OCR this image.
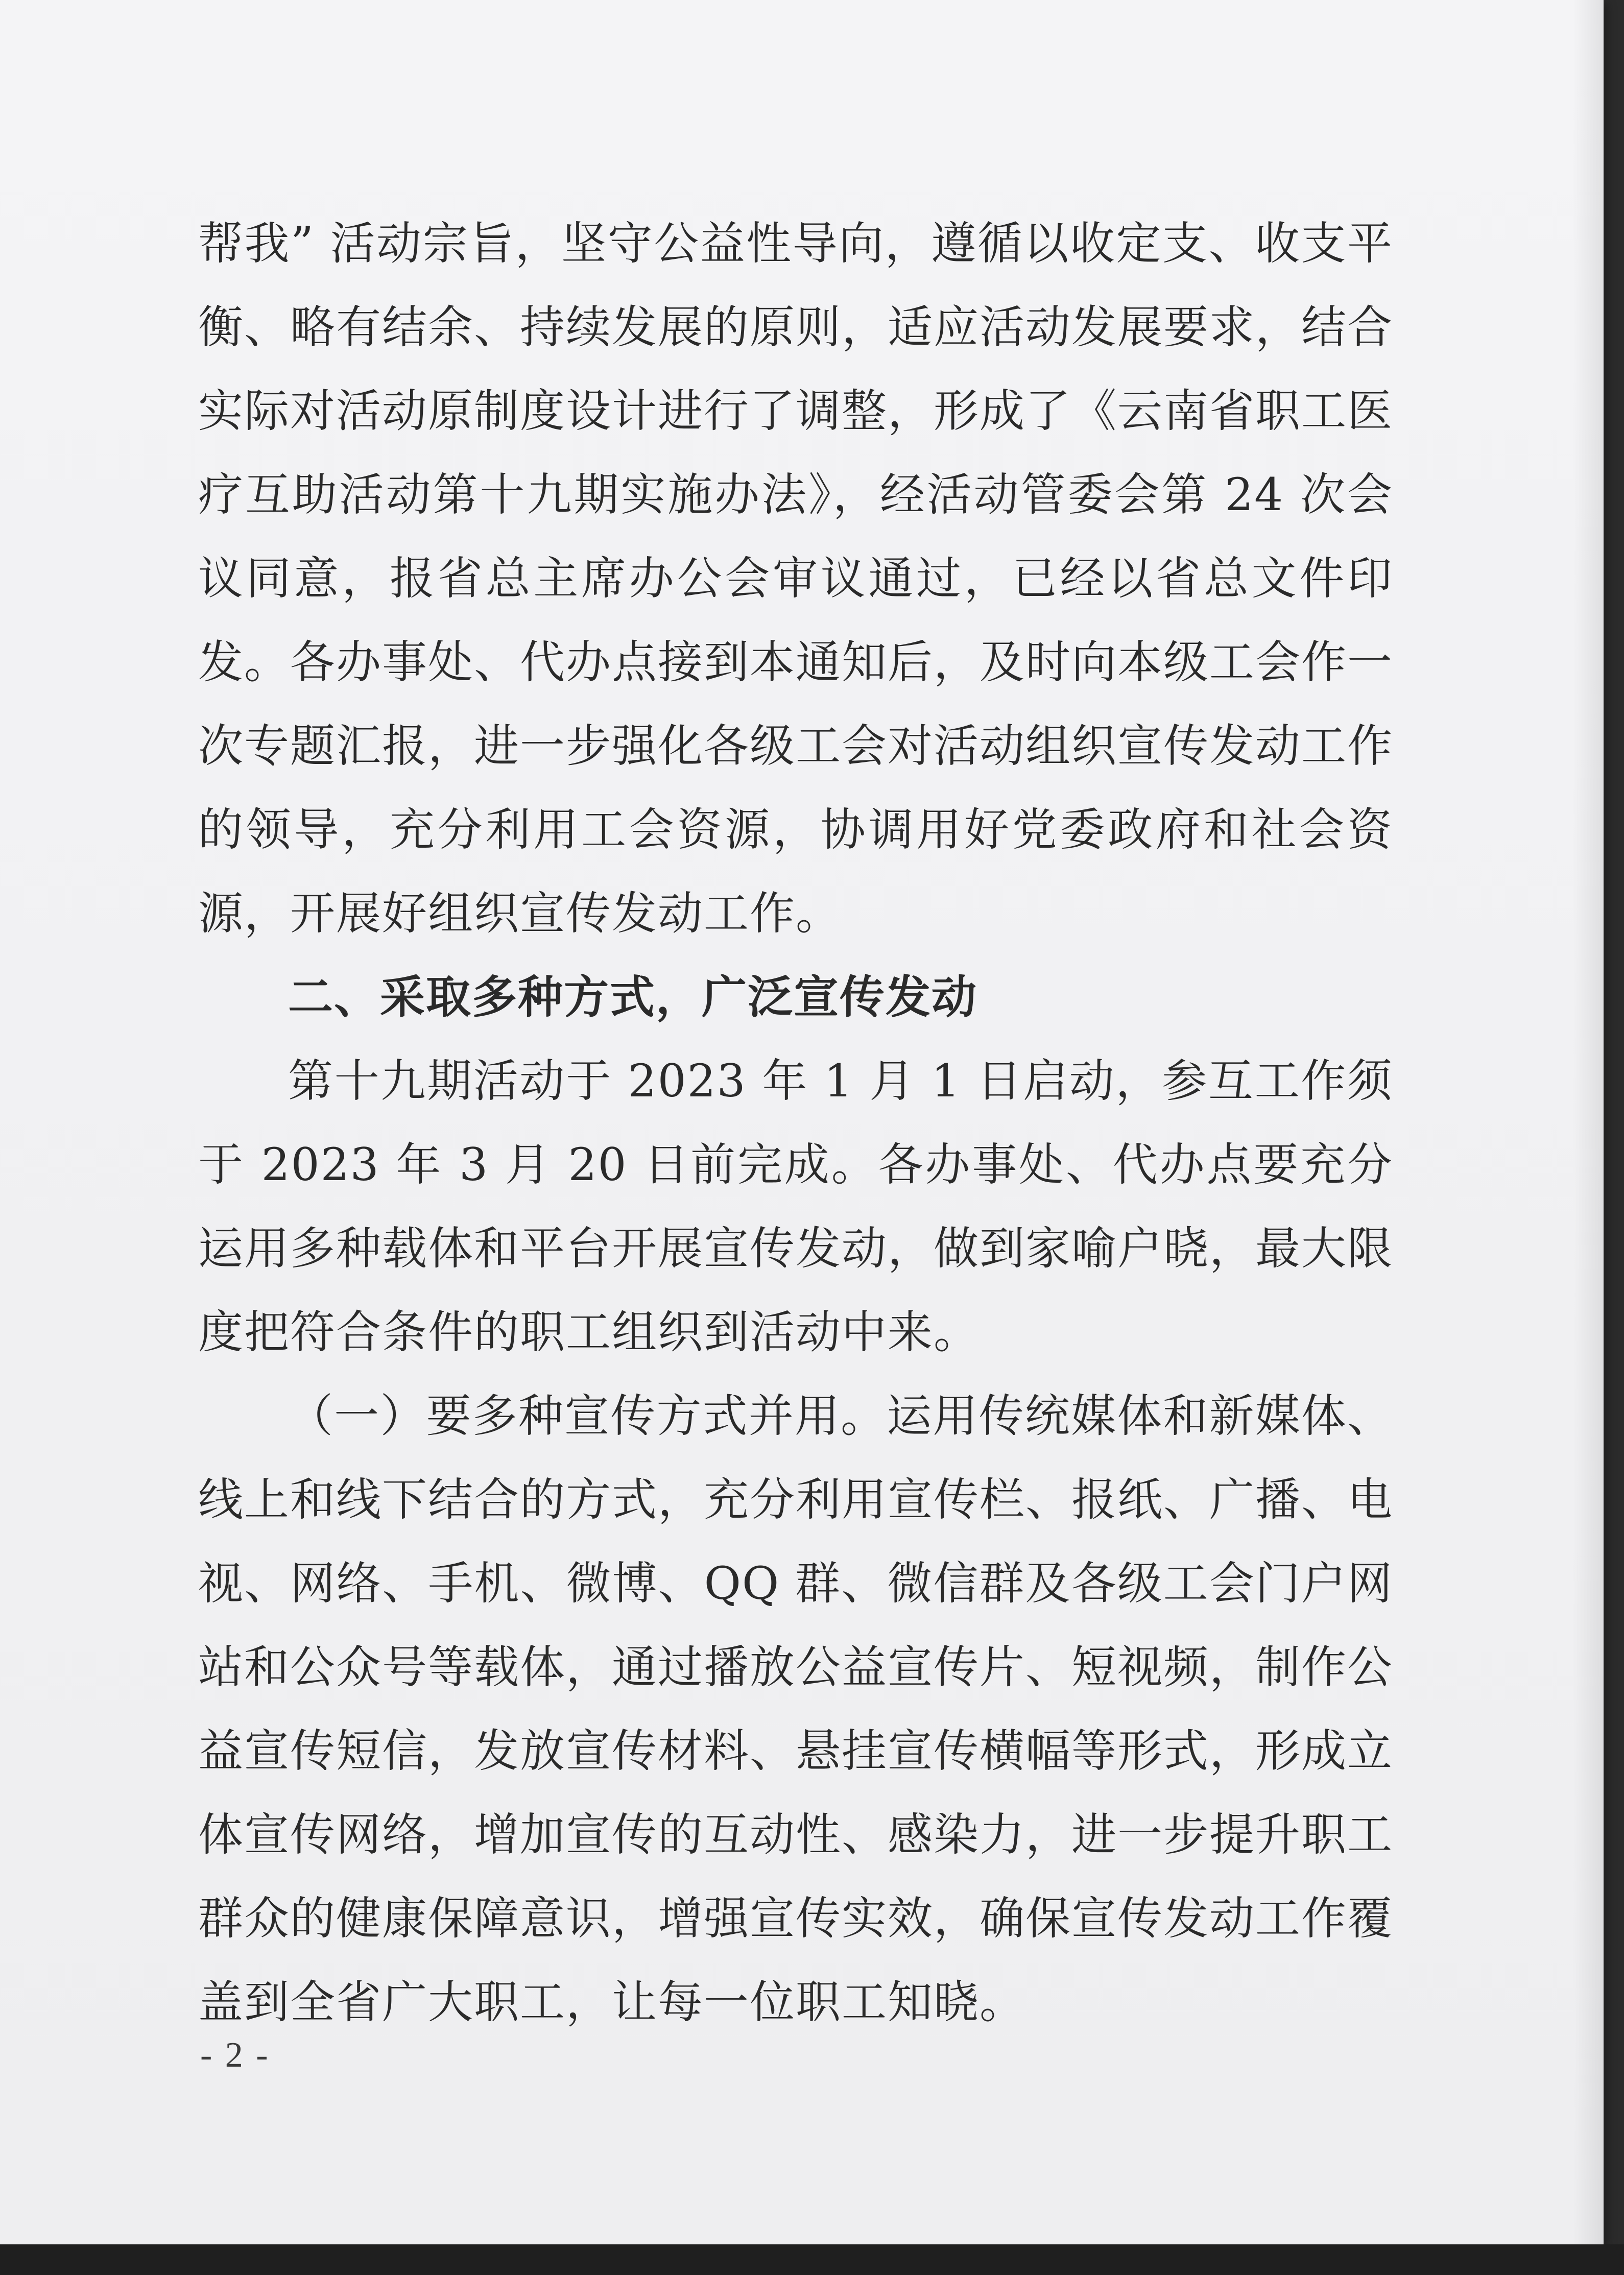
帮我” 活动宗旨，坚守公益性导向，遵循以收定支、收支平衡、略有结余、持续发展的原则，适应活动发展要求，结合实际对活动原制度设计进行了调整，形成了《云南省职工医疗互助活动第十九期实施办法》，经活动管委会第 24 次会议同意，报省总主席办公会审议通过，已经以省总文件印发。各办事处、代办点接到本通知后，及时向本级工会作一次专题汇报，进一步强化各级工会对活动组织宣传发动工作的领导，充分利用工会资源，协调用好党委政府和社会资源，开展好组织宣传发动工作。

二、采取多种方式，广泛宣传发动

第十九期活动于 2023 年 1 月 1 日启动，参互工作须于 2023 年 3 月 20 日前完成。各办事处、代办点要充分运用多种载体和平台开展宣传发动，做到家喻户晓，最大限度把符合条件的职工组织到活动中来。

（一）要多种宣传方式并用。运用传统媒体和新媒体、线上和线下结合的方式，充分利用宣传栏、报纸、广播、电视、网络、手机、微博、QQ 群、微信群及各级工会门户网站和公众号等载体，通过播放公益宣传片、短视频，制作公益宣传短信，发放宣传材料、悬挂宣传横幅等形式，形成立体宣传网络，增加宣传的互动性、感染力，进一步提升职工群众的健康保障意识，增强宣传实效，确保宣传发动工作覆盖到全省广大职工，让每一位职工知晓。

- 2 -
